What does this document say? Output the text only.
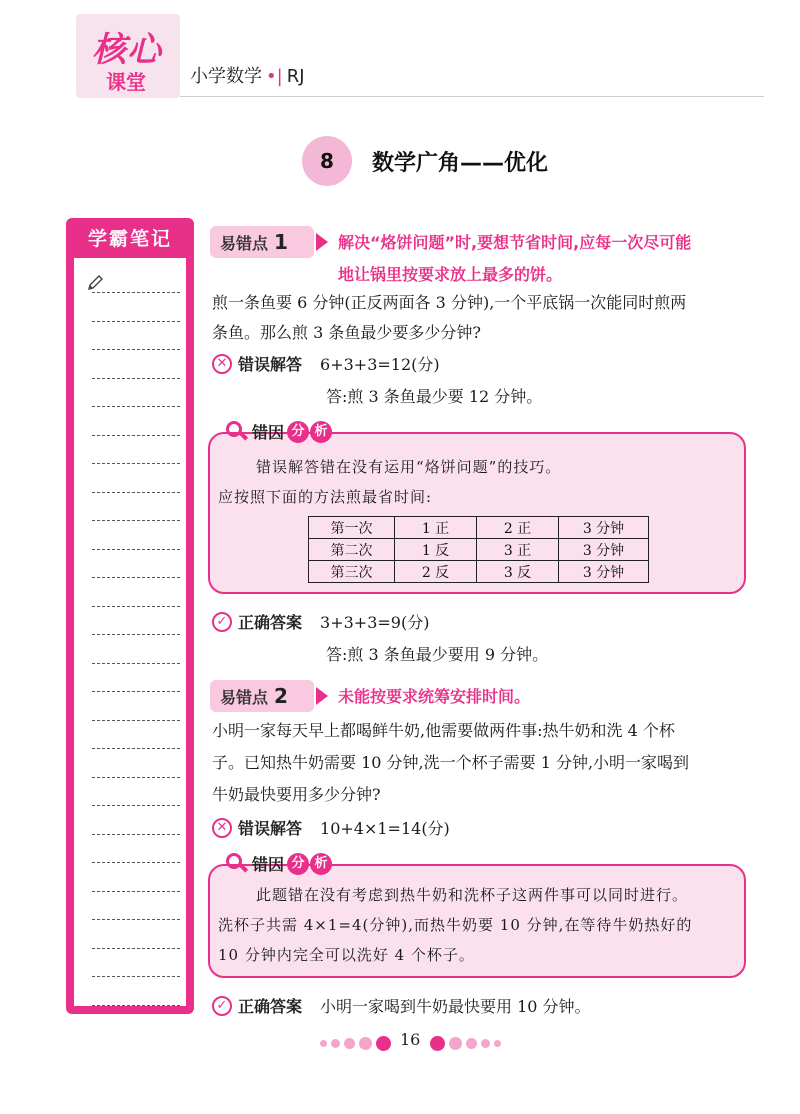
核心
课堂 小学数学 •| RJ
8	数学广角——优化
学霸笔记	易错点 1	解决“烙饼问题”时,要想节省时间,应每一次尽可能
地让锅里按要求放上最多的饼。
煎一条鱼要 6 分钟(正反两面各 3 分钟),一个平底锅一次能同时煎两
条鱼。那么煎 3 条鱼最少要多少分钟?
✕ 错误解答 6+3+3=12(分)
答:煎 3 条鱼最少要 12 分钟。
错因 分 析
错误解答错在没有运用“烙饼问题”的技巧。
应按照下面的方法煎最省时间:
第一次	1 正	2 正	3 分钟
第二次	1 反	3 正	3 分钟
第三次	2 反	3 反	3 分钟
✓ 正确答案 3+3+3=9(分)
答:煎 3 条鱼最少要用 9 分钟。
易错点 2	未能按要求统筹安排时间。
小明一家每天早上都喝鲜牛奶,他需要做两件事:热牛奶和洗 4 个杯
子。已知热牛奶需要 10 分钟,洗一个杯子需要 1 分钟,小明一家喝到
牛奶最快要用多少分钟?
✕ 错误解答 10+4×1=14(分)
错因 分 析
此题错在没有考虑到热牛奶和洗杯子这两件事可以同时进行。
洗杯子共需 4×1=4(分钟),而热牛奶要 10 分钟,在等待牛奶热好的
10 分钟内完全可以洗好 4 个杯子。
✓ 正确答案 小明一家喝到牛奶最快要用 10 分钟。
16
